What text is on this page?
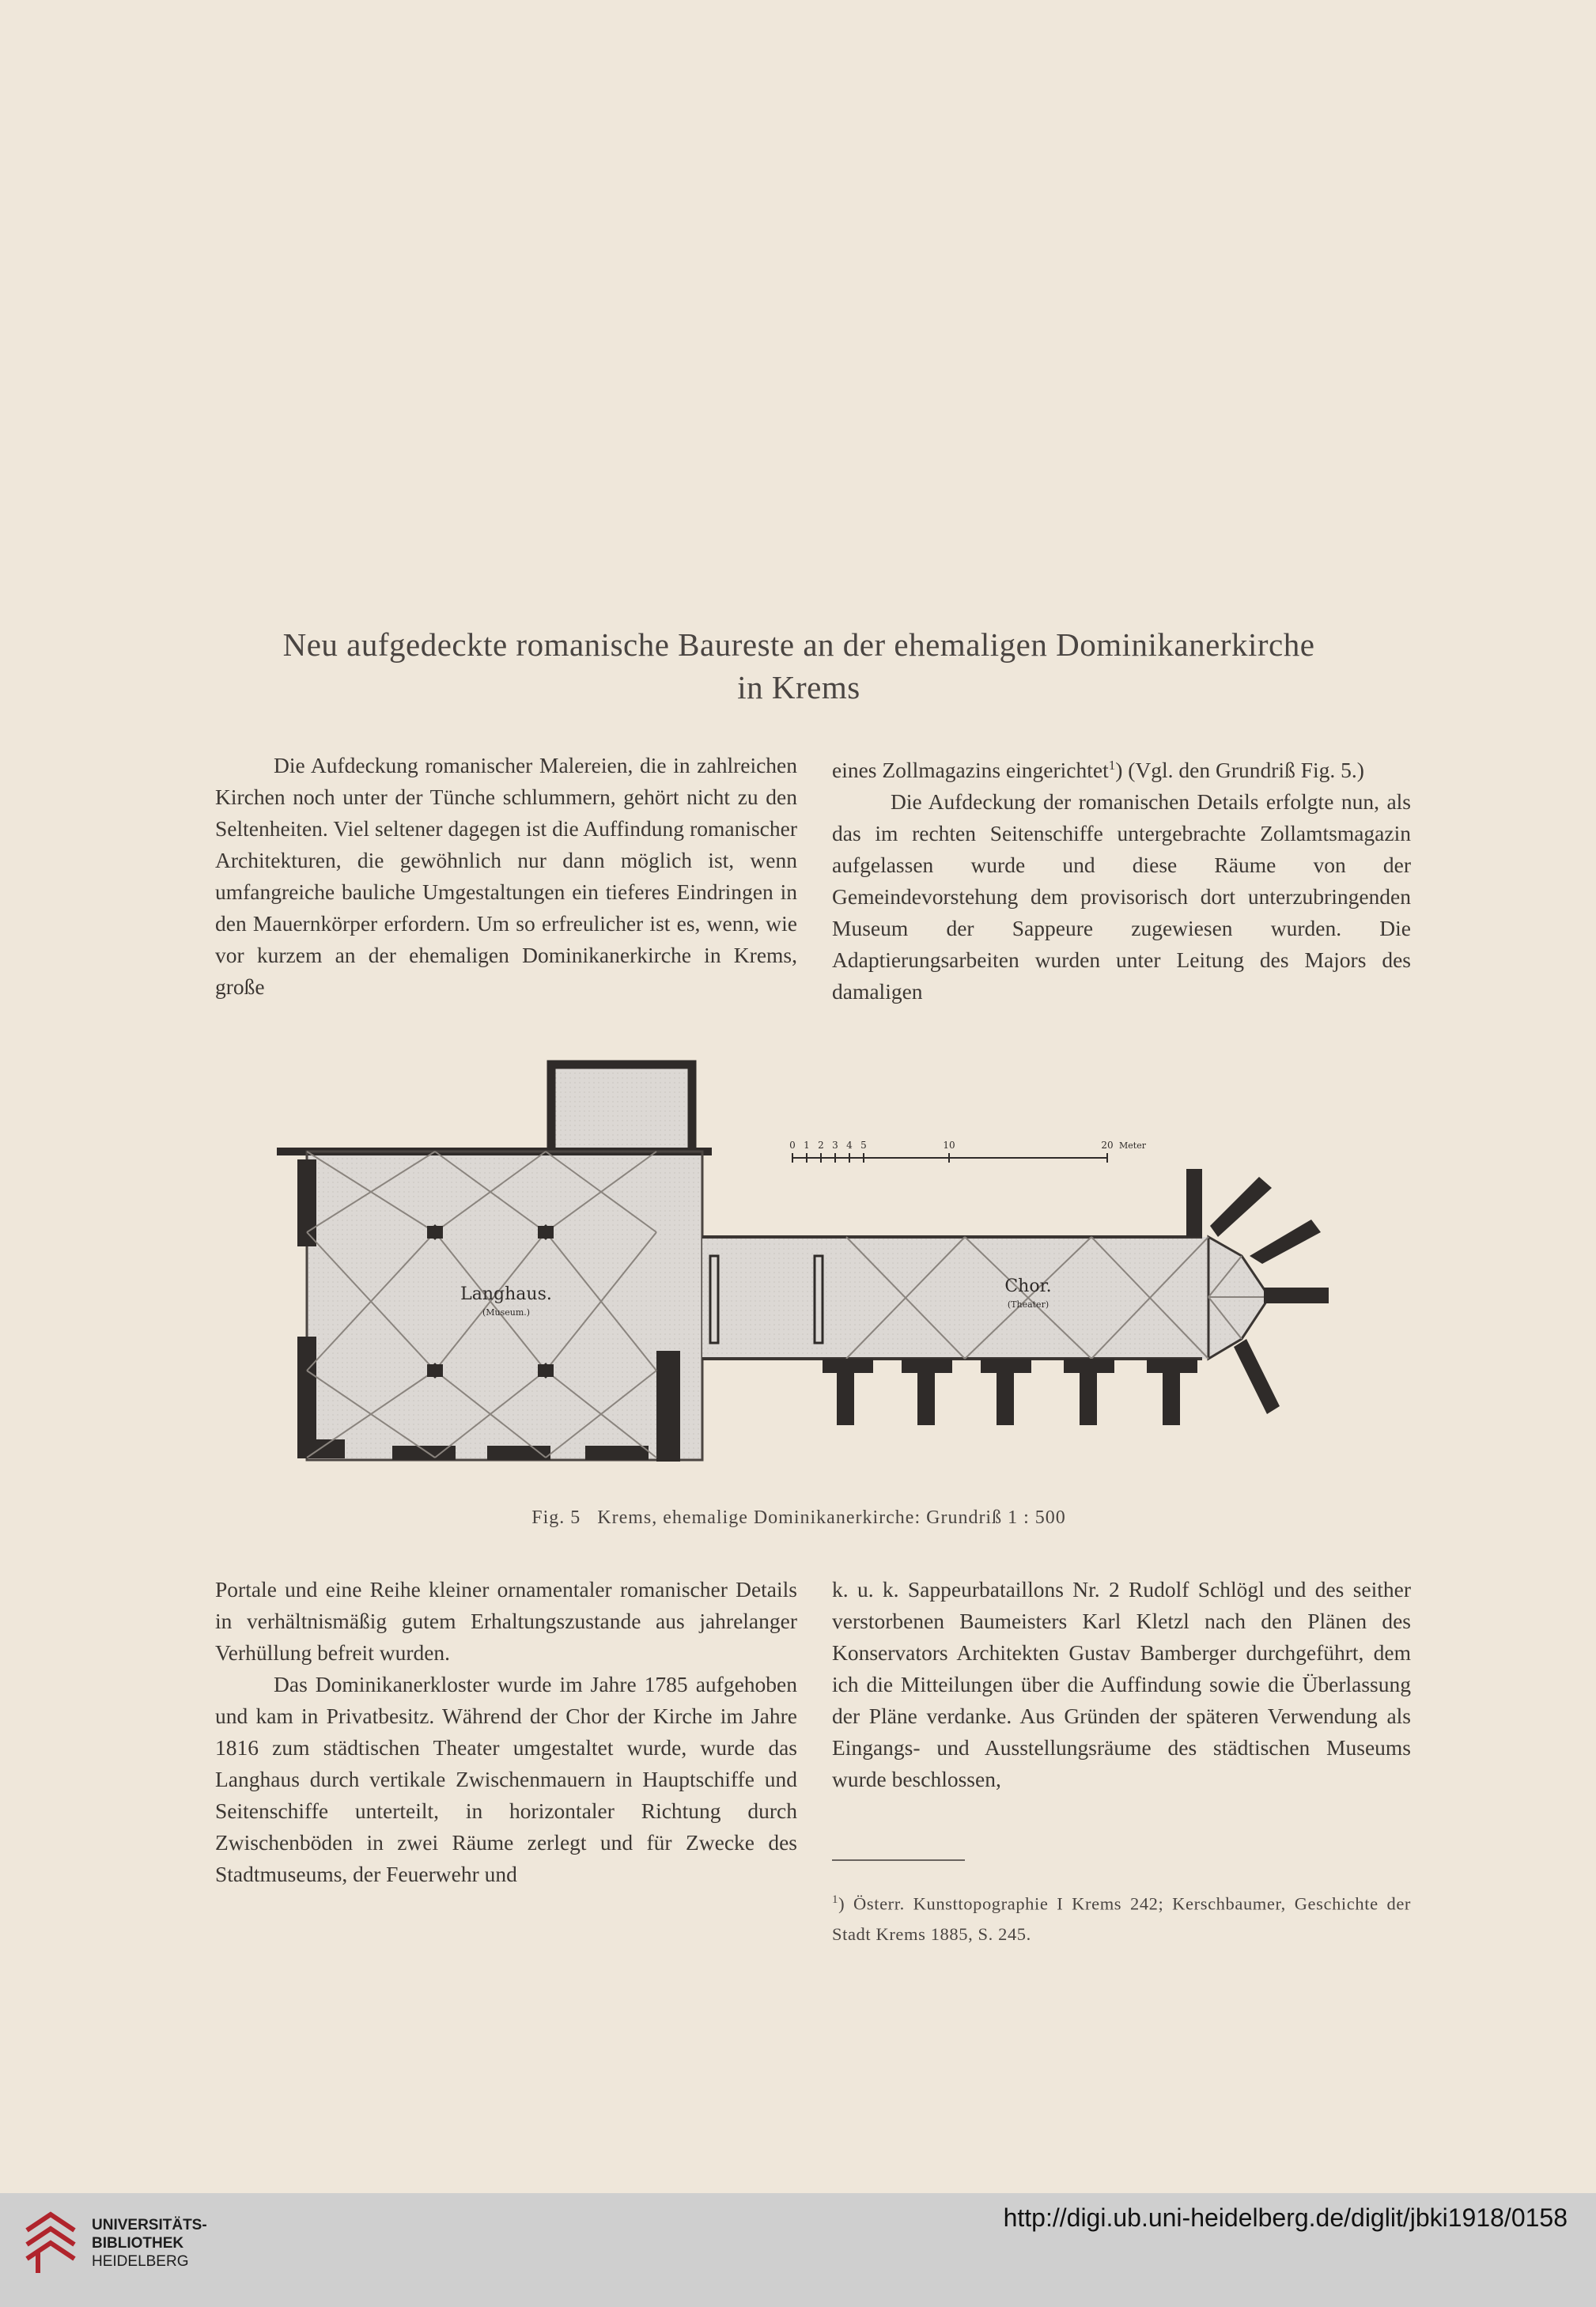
Neu aufgedeckte romanische Baureste an der ehemaligen Dominikanerkirche
in Krems

Die Aufdeckung romanischer Malereien, die in zahlreichen Kirchen noch unter der Tünche schlummern, gehört nicht zu den Seltenheiten. Viel seltener dagegen ist die Auffindung romanischer Architekturen, die gewöhnlich nur dann möglich ist, wenn umfangreiche bauliche Umgestaltungen ein tieferes Eindringen in den Mauernkörper erfordern. Um so erfreulicher ist es, wenn, wie vor kurzem an der ehemaligen Dominikanerkirche in Krems, große

eines Zollmagazins eingerichtet$^1$) (Vgl. den Grundriß Fig. 5.)

Die Aufdeckung der romanischen Details erfolgte nun, als das im rechten Seitenschiffe untergebrachte Zollamtsmagazin aufgelassen wurde und diese Räume von der Gemeindevorstehung dem provisorisch dort unterzubringenden Museum der Sappeure zugewiesen wurden. Die Adaptierungsarbeiten wurden unter Leitung des Majors des damaligen

Langhaus.
(Museum.)
Chor.
(Theater)
0 1 2 3 4 5	10	20 Meter
Fig. 5   Krems, ehemalige Dominikanerkirche: Grundriß 1 : 500

Portale und eine Reihe kleiner ornamentaler romanischer Details in verhältnismäßig gutem Erhaltungszustande aus jahrelanger Verhüllung befreit wurden.

Das Dominikanerkloster wurde im Jahre 1785 aufgehoben und kam in Privatbesitz. Während der Chor der Kirche im Jahre 1816 zum städtischen Theater umgestaltet wurde, wurde das Langhaus durch vertikale Zwischenmauern in Hauptschiffe und Seitenschiffe unterteilt, in horizontaler Richtung durch Zwischenböden in zwei Räume zerlegt und für Zwecke des Stadtmuseums, der Feuerwehr und

k. u. k. Sappeurbataillons Nr. 2 Rudolf Schlögl und des seither verstorbenen Baumeisters Karl Kletzl nach den Plänen des Konservators Architekten Gustav Bamberger durchgeführt, dem ich die Mitteilungen über die Auffindung sowie die Überlassung der Pläne verdanke. Aus Gründen der späteren Verwendung als Eingangs- und Ausstellungsräume des städtischen Museums wurde beschlossen,

$^1$) Österr. Kunsttopographie I Krems 242; Kerschbaumer, Geschichte der Stadt Krems 1885, S. 245.
UNIVERSITÄTS-
BIBLIOTHEK
HEIDELBERG
http://digi.ub.uni-heidelberg.de/diglit/jbki1918/0158
